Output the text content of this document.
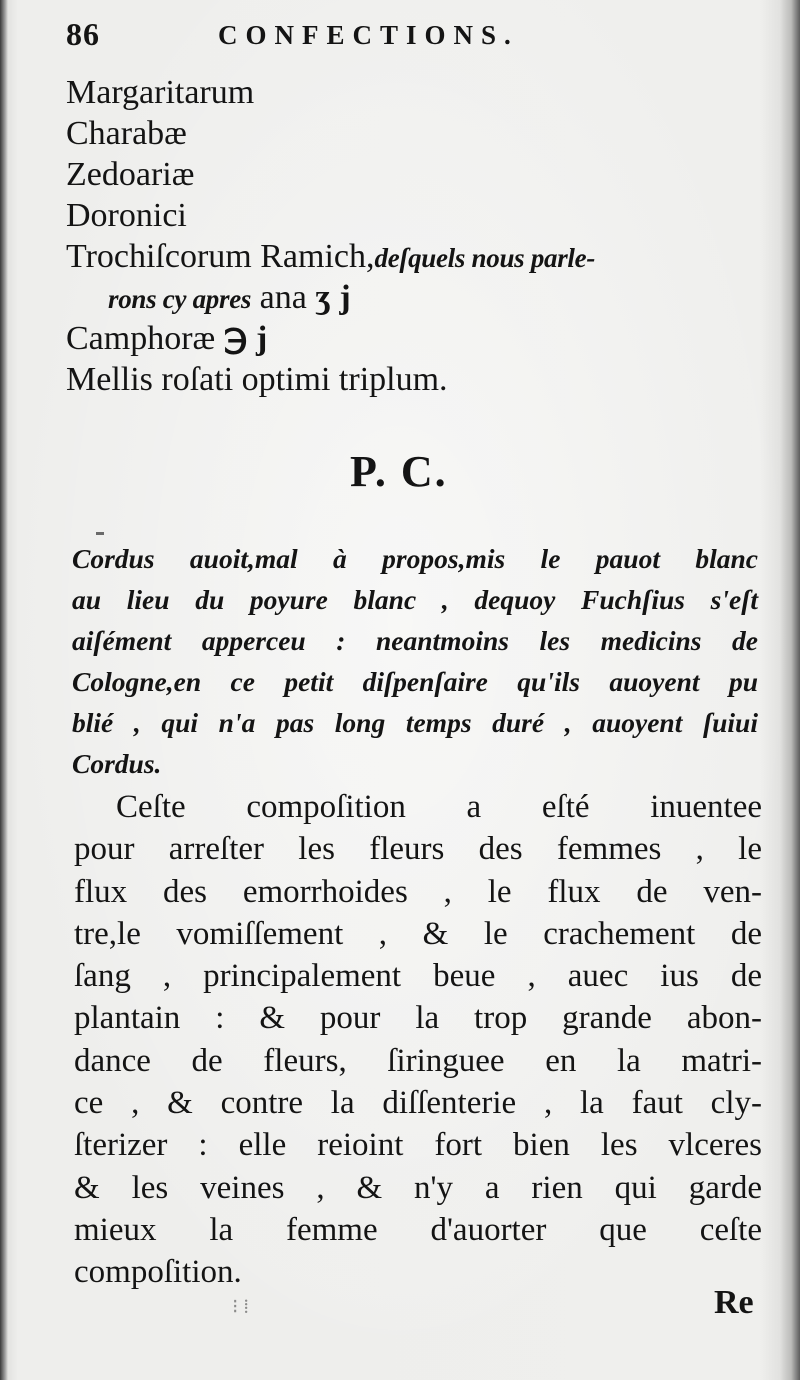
86	CONFECTIONS.
Margaritarum
Charabæ
Zedoariæ
Doronici
Trochiſcorum Ramich,deſquels nous parle-
rons cy apres ana ʒ j
Camphoræ ℈ j
Mellis roſati optimi triplum.
P. C.
Cordus auoit,mal à propos,mis le pauot blanc
au lieu du poyure blanc , dequoy Fuchſius s'eſt
aiſément apperceu : neantmoins les medicins de
Cologne,en ce petit diſpenſaire qu'ils auoyent pu
blié , qui n'a pas long temps duré , auoyent ſuiui
Cordus.
Ceſte compoſition a eſté inuentee
pour arreſter les fleurs des femmes , le
flux des emorrhoides , le flux de ven-
tre,le vomiſſement , & le crachement de
ſang , principalement beue , auec ius de
plantain : & pour la trop grande abon-
dance de fleurs, ſiringuee en la matri-
ce , & contre la diſſenterie , la faut cly-
ſterizer : elle reioint fort bien les vlceres
& les veines , & n'y a rien qui garde
mieux la femme d'auorter que ceſte
compoſition.
⁝ ⁞	Re
